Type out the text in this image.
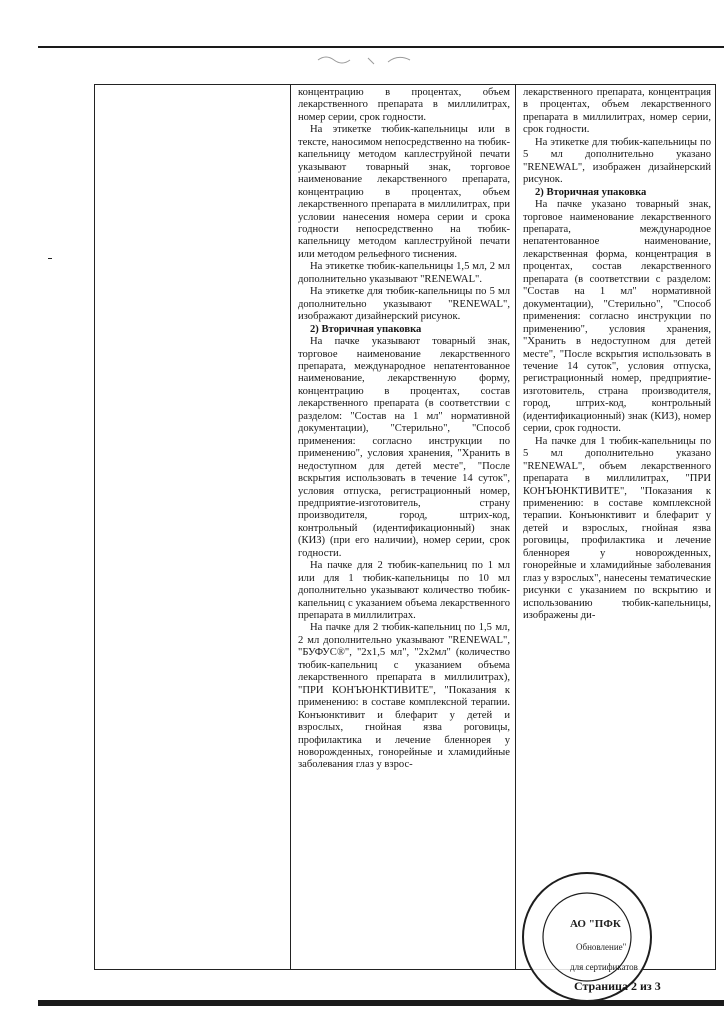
концентрацию в процентах, объем лекарственного препарата в миллилитрах, номер серии, срок годности.

На этикетке тюбик-капельницы или в тексте, наносимом непосредственно на тюбик-капельницу методом каплеструйной печати указывают товарный знак, торговое наименование лекарственного препарата, концентрацию в процентах, объем лекарственного препарата в миллилитрах, при условии нанесения номера серии и срока годности непосредственно на тюбик-капельницу методом каплеструйной печати или методом рельефного тиснения.

На этикетке тюбик-капельницы 1,5 мл, 2 мл дополнительно указывают "RENEWAL".

На этикетке для тюбик-капельницы по 5 мл дополнительно указывают "RENEWAL", изображают дизайнерский рисунок.

2) Вторичная упаковка

На пачке указывают товарный знак, торговое наименование лекарственного препарата, международное непатентованное наименование, лекарственную форму, концентрацию в процентах, состав лекарственного препарата (в соответствии с разделом: "Состав на 1 мл" нормативной документации), "Стерильно", "Способ применения: согласно инструкции по применению", условия хранения, "Хранить в недоступном для детей месте", "После вскрытия использовать в течение 14 суток", условия отпуска, регистрационный номер, предприятие-изготовитель, страну производителя, город, штрих-код, контрольный (идентификационный) знак (КИЗ) (при его наличии), номер серии, срок годности.

На пачке для 2 тюбик-капельниц по 1 мл или для 1 тюбик-капельницы по 10 мл дополнительно указывают количество тюбик-капельниц с указанием объема лекарственного препарата в миллилитрах.

На пачке для 2 тюбик-капельниц по 1,5 мл, 2 мл дополнительно указывают "RENEWAL", "БУФУС®", "2х1,5 мл", "2х2мл" (количество тюбик-капельниц с указанием объема лекарственного препарата в миллилитрах), "ПРИ КОНЪЮНКТИВИТЕ", "Показания к применению: в составе комплексной терапии. Конъюнктивит и блефарит у детей и взрослых, гнойная язва роговицы, профилактика и лечение бленнорея у новорожденных, гонорейные и хламидийные заболевания глаз у взрос-

лекарственного препарата, концентрация в процентах, объем лекарственного препарата в миллилитрах, номер серии, срок годности.

На этикетке для тюбик-капельницы по 5 мл дополнительно указано "RENEWAL", изображен дизайнерский рисунок.

2) Вторичная упаковка

На пачке указано товарный знак, торговое наименование лекарственного препарата, международное непатентованное наименование, лекарственная форма, концентрация в процентах, состав лекарственного препарата (в соответствии с разделом: "Состав на 1 мл" нормативной документации), "Стерильно", "Способ применения: согласно инструкции по применению", условия хранения, "Хранить в недоступном для детей месте", "После вскрытия использовать в течение 14 суток", условия отпуска, регистрационный номер, предприятие-изготовитель, страна производителя, город, штрих-код, контрольный (идентификационный) знак (КИЗ), номер серии, срок годности.

На пачке для 1 тюбик-капельницы по 5 мл дополнительно указано "RENEWAL", объем лекарственного препарата в миллилитрах, "ПРИ КОНЪЮНКТИВИТЕ", "Показания к применению: в составе комплексной терапии. Конъюнктивит и блефарит у детей и взрослых, гнойная язва роговицы, профилактика и лечение бленнорея у новорожденных, гонорейные и хламидийные заболевания глаз у взрослых", нанесены тематические рисунки с указанием по вскрытию и использованию тюбик-капельницы, изображены ди-

АО "ПФК
Обновление"
для сертификатов
Страница 2 из 3
